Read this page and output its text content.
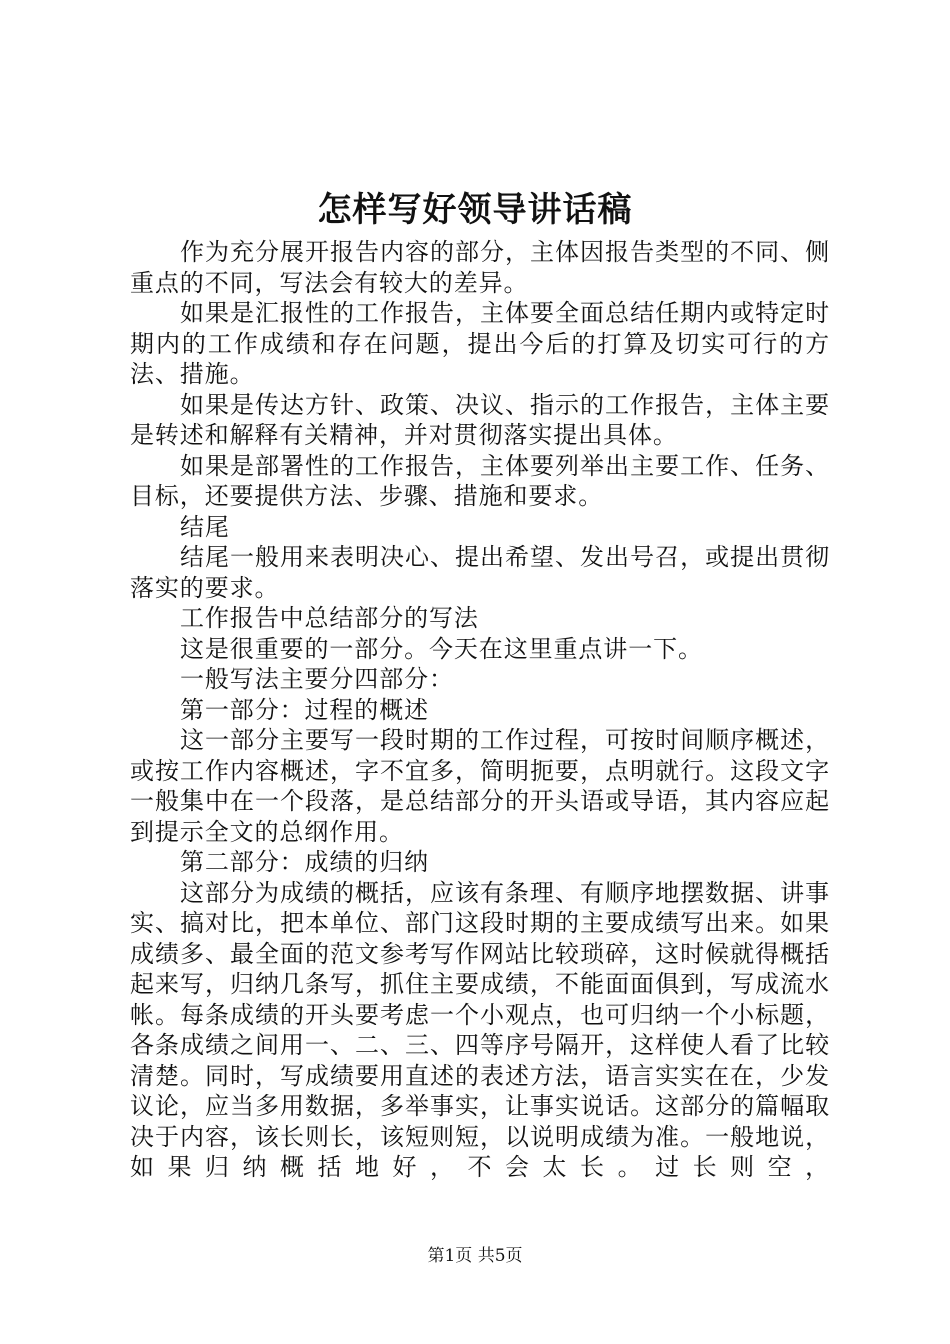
怎样写好领导讲话稿

作为充分展开报告内容的部分，主体因报告类型的不同、侧重点的不同，写法会有较大的差异。

如果是汇报性的工作报告，主体要全面总结任期内或特定时期内的工作成绩和存在问题，提出今后的打算及切实可行的方法、措施。

如果是传达方针、政策、决议、指示的工作报告，主体主要是转述和解释有关精神，并对贯彻落实提出具体。

如果是部署性的工作报告，主体要列举出主要工作、任务、目标，还要提供方法、步骤、措施和要求。

结尾

结尾一般用来表明决心、提出希望、发出号召，或提出贯彻落实的要求。

工作报告中总结部分的写法

这是很重要的一部分。今天在这里重点讲一下。

一般写法主要分四部分：

第一部分：过程的概述

这一部分主要写一段时期的工作过程，可按时间顺序概述，或按工作内容概述，字不宜多，简明扼要，点明就行。这段文字一般集中在一个段落，是总结部分的开头语或导语，其内容应起到提示全文的总纲作用。

第二部分：成绩的归纳

这部分为成绩的概括，应该有条理、有顺序地摆数据、讲事实、搞对比，把本单位、部门这段时期的主要成绩写出来。如果成绩多、最全面的范文参考写作网站比较琐碎，这时候就得概括起来写，归纳几条写，抓住主要成绩，不能面面俱到，写成流水帐。每条成绩的开头要考虑一个小观点，也可归纳一个小标题，各条成绩之间用一、二、三、四等序号隔开，这样使人看了比较清楚。同时，写成绩要用直述的表述方法，语言实实在在，少发议论，应当多用数据，多举事实，让事实说话。这部分的篇幅取决于内容，该长则长，该短则短，以说明成绩为准。一般地说，如果归纳概括地好，不会太长。过长则空，

第1页 共5页
